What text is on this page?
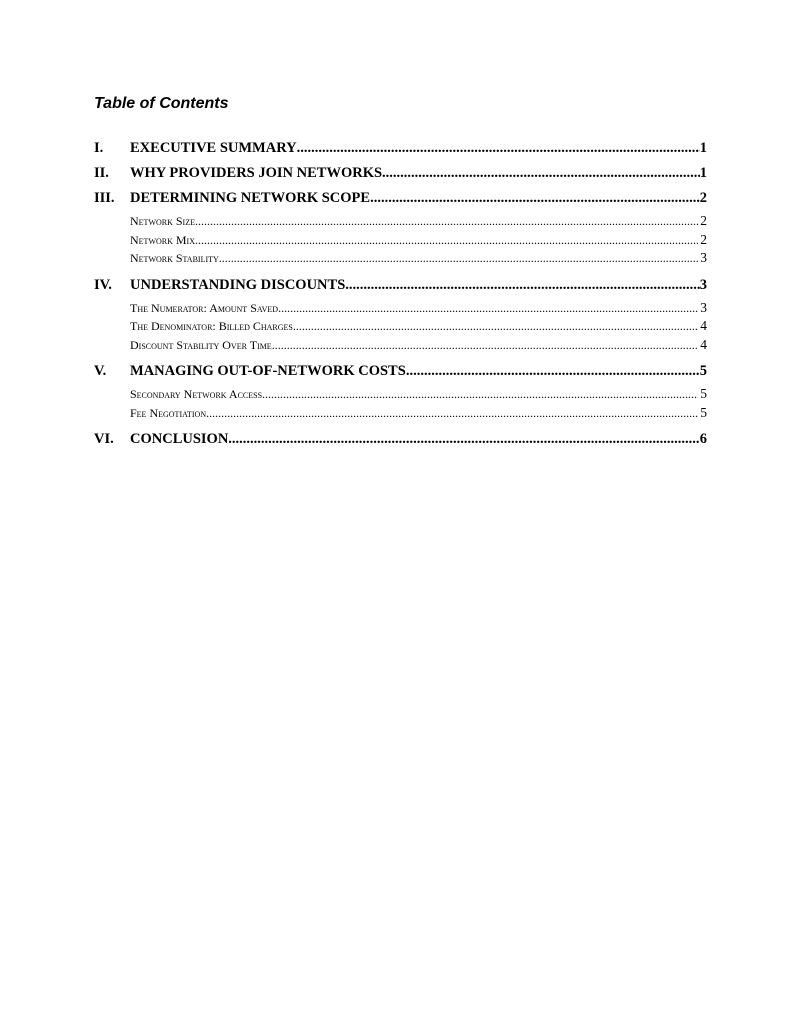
Table of Contents
I.	EXECUTIVE SUMMARY .....	1
II.	WHY PROVIDERS JOIN NETWORKS .....	1
III.	DETERMINING NETWORK SCOPE .....	2
Network Size .....	2
Network Mix .....	2
Network Stability .....	3
IV.	UNDERSTANDING DISCOUNTS .....	3
The Numerator: Amount Saved .....	3
The Denominator: Billed Charges .....	4
Discount Stability Over Time .....	4
V.	MANAGING OUT-OF-NETWORK COSTS .....	5
Secondary Network Access .....	5
Fee Negotiation .....	5
VI.	CONCLUSION .....	6
